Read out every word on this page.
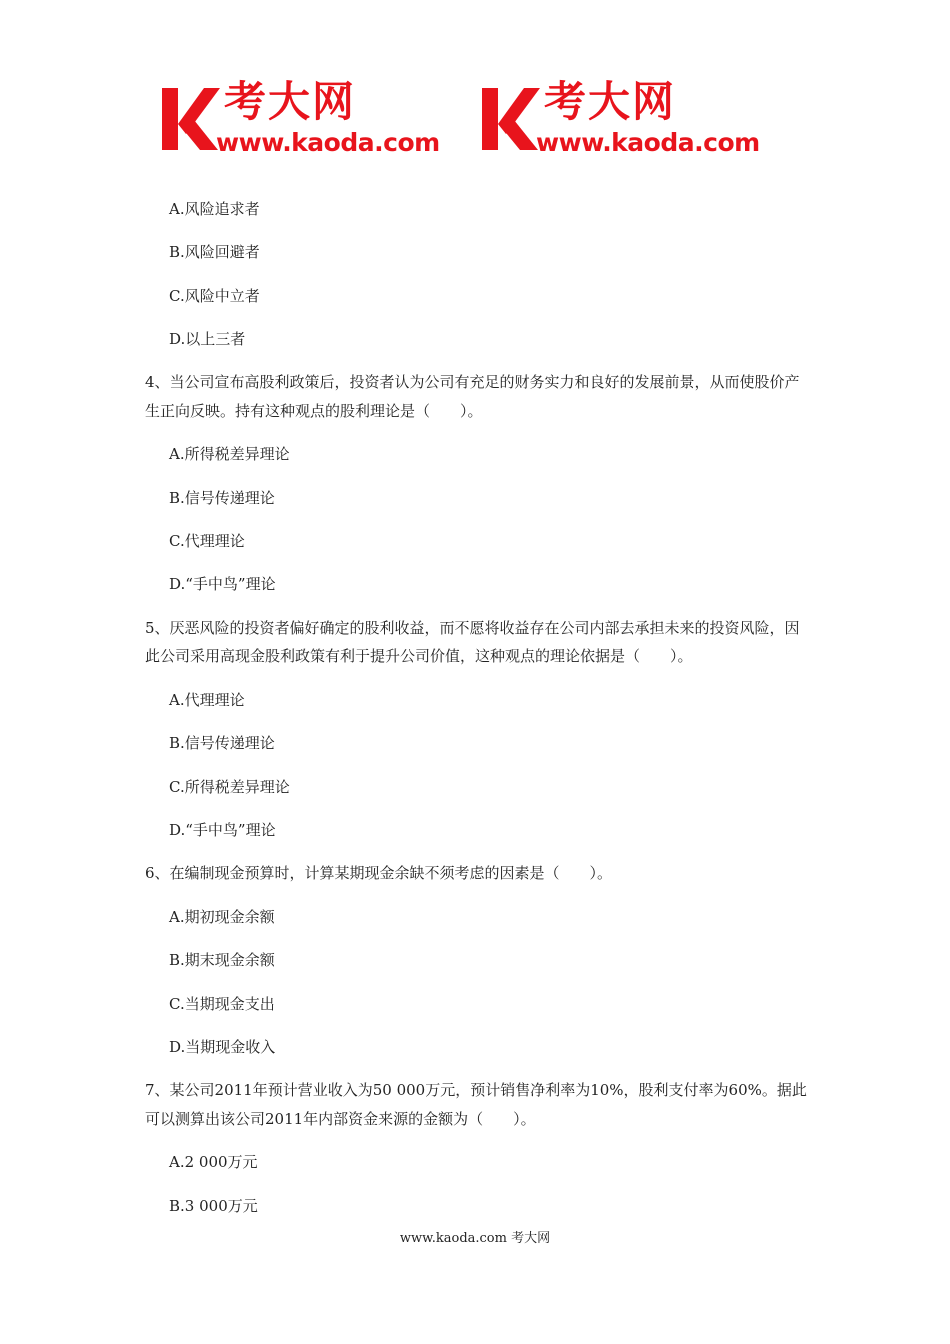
考大网
www.kaoda.com
考大网
www.kaoda.com
A.风险追求者
B.风险回避者
C.风险中立者
D.以上三者
4、当公司宣布高股利政策后，投资者认为公司有充足的财务实力和良好的发展前景，从而使股价产生正向反映。持有这种观点的股利理论是（　　）。
A.所得税差异理论
B.信号传递理论
C.代理理论
D.“手中鸟”理论
5、厌恶风险的投资者偏好确定的股利收益，而不愿将收益存在公司内部去承担未来的投资风险，因此公司采用高现金股利政策有利于提升公司价值，这种观点的理论依据是（　　）。
A.代理理论
B.信号传递理论
C.所得税差异理论
D.“手中鸟”理论
6、在编制现金预算时，计算某期现金余缺不须考虑的因素是（　　）。
A.期初现金余额
B.期末现金余额
C.当期现金支出
D.当期现金收入
7、某公司2011年预计营业收入为50 000万元，预计销售净利率为10%，股利支付率为60%。据此可以测算出该公司2011年内部资金来源的金额为（　　）。
A.2 000万元
B.3 000万元
www.kaoda.com 考大网
